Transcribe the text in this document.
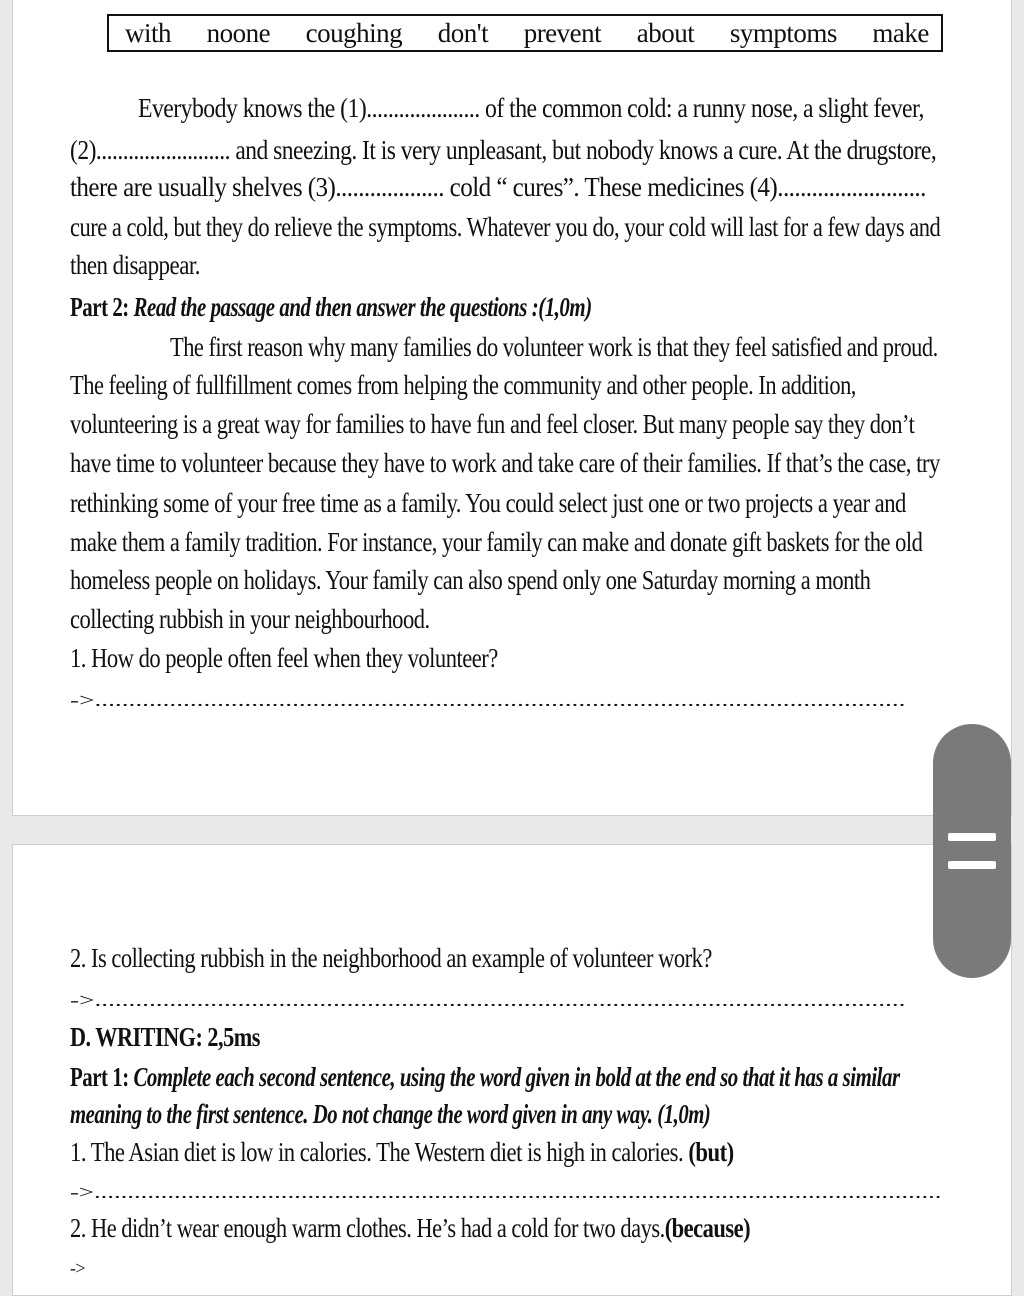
with noone coughing don't prevent about symptoms make
Everybody knows the (1)..................... of the common cold: a runny nose, a slight fever,
(2)......................... and sneezing. It is very unpleasant, but nobody knows a cure. At the drugstore,
there are usually shelves (3)................... cold “ cures”. These medicines (4)..........................
cure a cold, but they do relieve the symptoms. Whatever you do, your cold will last for a few days and
then disappear.
Part 2: Read the passage and then answer the questions :(1,0m)
The first reason why many families do volunteer work is that they feel satisfied and proud.
The feeling of fullfillment comes from helping the community and other people. In addition,
volunteering is a great way for families to have fun and feel closer. But many people say they don’t
have time to volunteer because they have to work and take care of their families. If that’s the case, try
rethinking some of your free time as a family. You could select just one or two projects a year and
make them a family tradition. For instance, your family can make and donate gift baskets for the old
homeless people on holidays. Your family can also spend only one Saturday morning a month
collecting rubbish in your neighbourhood.
1. How do people often feel when they volunteer?
->.......................................................................................................................
2. Is collecting rubbish in the neighborhood an example of volunteer work?
->.......................................................................................................................
D. WRITING: 2,5ms
Part 1: Complete each second sentence, using the word given in bold at the end so that it has a similar
meaning to the first sentence. Do not change the word given in any way. (1,0m)
1. The Asian diet is low in calories. The Western diet is high in calories. (but)
->...............................................................................................................................
2. He didn’t wear enough warm clothes. He’s had a cold for two days.(because)
->
